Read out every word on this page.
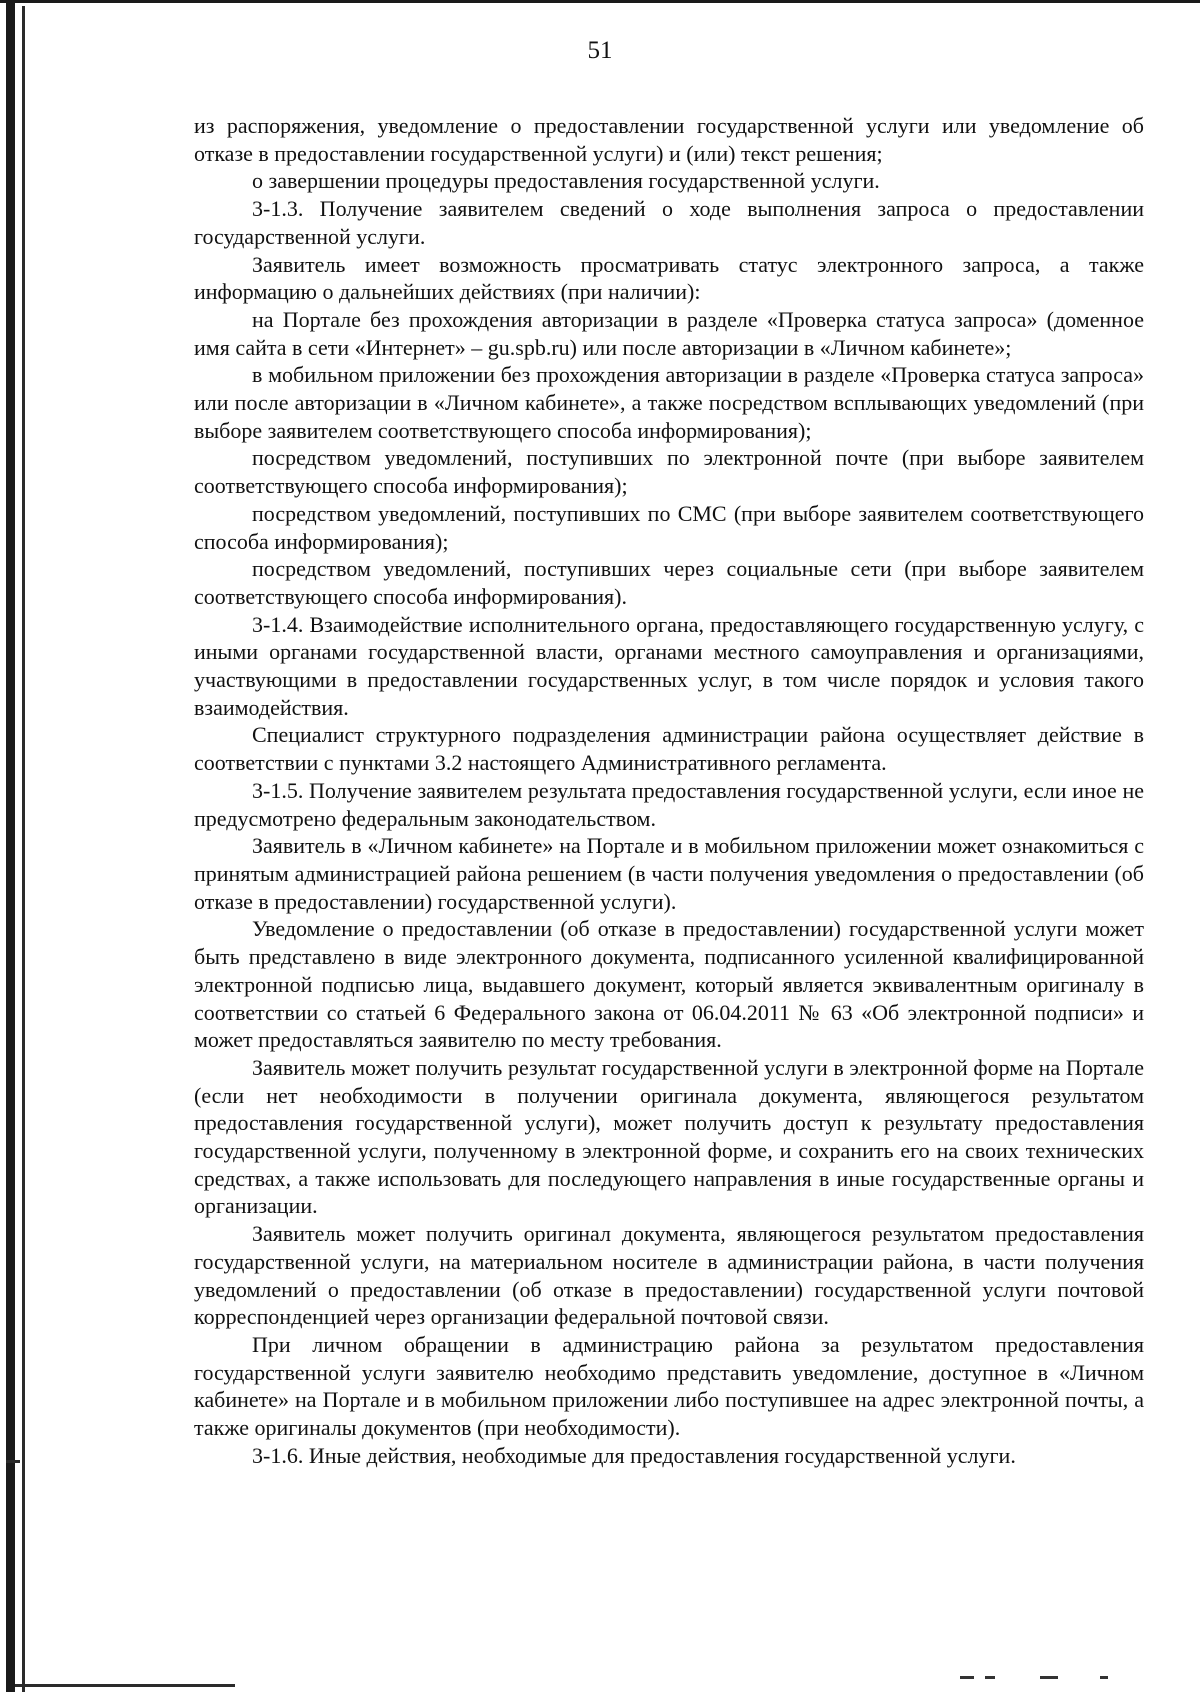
51

из распоряжения, уведомление о предоставлении государственной услуги или уведомление об отказе в предоставлении государственной услуги) и (или) текст решения;

о завершении процедуры предоставления государственной услуги.

3-1.3. Получение заявителем сведений о ходе выполнения запроса о предоставлении государственной услуги.

Заявитель имеет возможность просматривать статус электронного запроса, а также информацию о дальнейших действиях (при наличии):

на Портале без прохождения авторизации в разделе «Проверка статуса запроса» (доменное имя сайта в сети «Интернет» – gu.spb.ru) или после авторизации в «Личном кабинете»;

в мобильном приложении без прохождения авторизации в разделе «Проверка статуса запроса» или после авторизации в «Личном кабинете», а также посредством всплывающих уведомлений (при выборе заявителем соответствующего способа информирования);

посредством уведомлений, поступивших по электронной почте (при выборе заявителем соответствующего способа информирования);

посредством уведомлений, поступивших по СМС (при выборе заявителем соответствующего способа информирования);

посредством уведомлений, поступивших через социальные сети (при выборе заявителем соответствующего способа информирования).

3-1.4. Взаимодействие исполнительного органа, предоставляющего государственную услугу, с иными органами государственной власти, органами местного самоуправления и организациями, участвующими в предоставлении государственных услуг, в том числе порядок и условия такого взаимодействия.

Специалист структурного подразделения администрации района осуществляет действие в соответствии с пунктами 3.2 настоящего Административного регламента.

3-1.5. Получение заявителем результата предоставления государственной услуги, если иное не предусмотрено федеральным законодательством.

Заявитель в «Личном кабинете» на Портале и в мобильном приложении может ознакомиться с принятым администрацией района решением (в части получения уведомления о предоставлении (об отказе в предоставлении) государственной услуги).

Уведомление о предоставлении (об отказе в предоставлении) государственной услуги может быть представлено в виде электронного документа, подписанного усиленной квалифицированной электронной подписью лица, выдавшего документ, который является эквивалентным оригиналу в соответствии со статьей 6 Федерального закона от 06.04.2011 № 63 «Об электронной подписи» и может предоставляться заявителю по месту требования.

Заявитель может получить результат государственной услуги в электронной форме на Портале (если нет необходимости в получении оригинала документа, являющегося результатом предоставления государственной услуги), может получить доступ к результату предоставления государственной услуги, полученному в электронной форме, и сохранить его на своих технических средствах, а также использовать для последующего направления в иные государственные органы и организации.

Заявитель может получить оригинал документа, являющегося результатом предоставления государственной услуги, на материальном носителе в администрации района, в части получения уведомлений о предоставлении (об отказе в предоставлении) государственной услуги почтовой корреспонденцией через организации федеральной почтовой связи.

При личном обращении в администрацию района за результатом предоставления государственной услуги заявителю необходимо представить уведомление, доступное в «Личном кабинете» на Портале и в мобильном приложении либо поступившее на адрес электронной почты, а также оригиналы документов (при необходимости).

3-1.6. Иные действия, необходимые для предоставления государственной услуги.
